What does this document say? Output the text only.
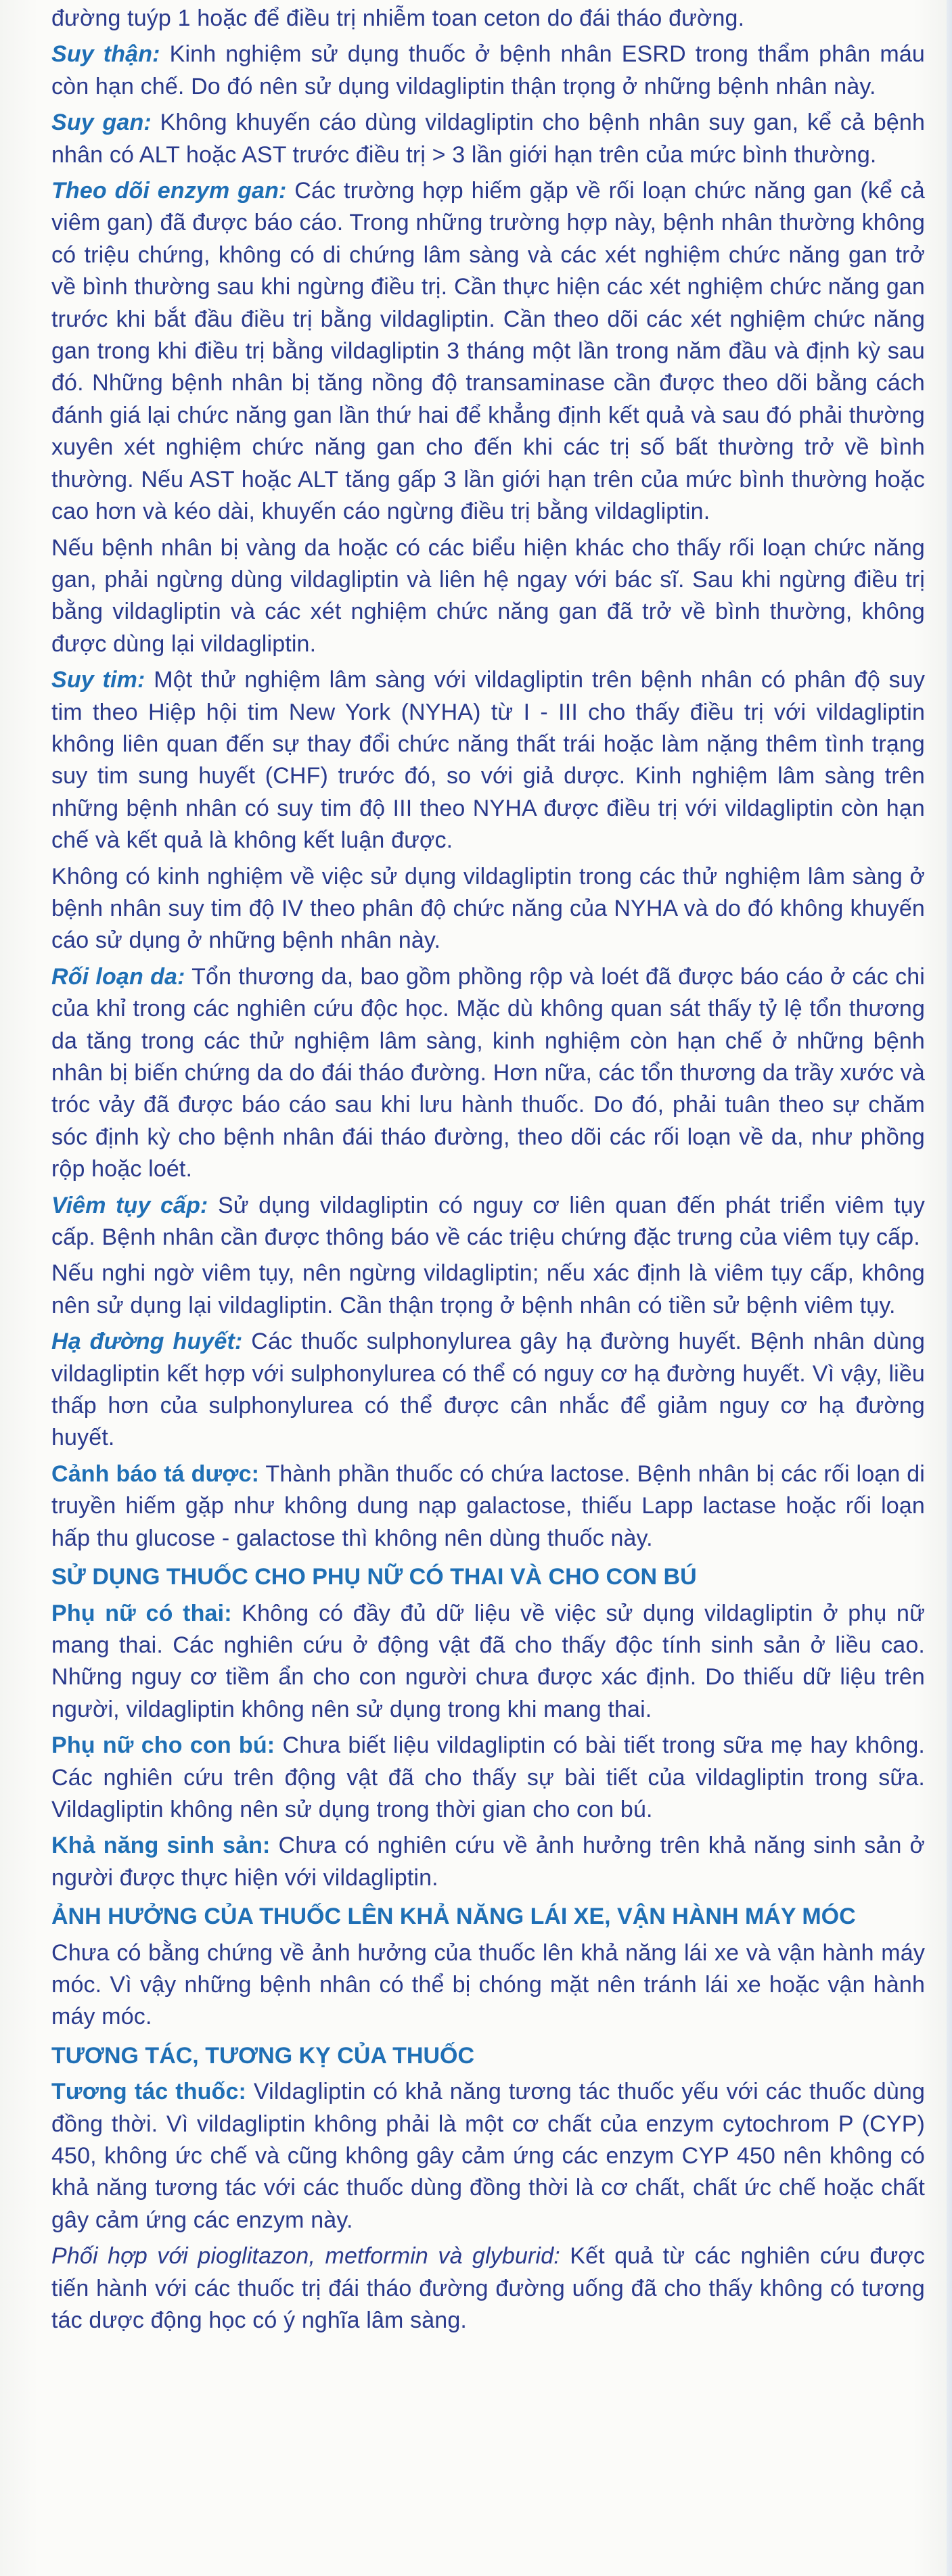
đường tuýp 1 hoặc để điều trị nhiễm toan ceton do đái tháo đường.

Suy thận: Kinh nghiệm sử dụng thuốc ở bệnh nhân ESRD trong thẩm phân máu còn hạn chế. Do đó nên sử dụng vildagliptin thận trọng ở những bệnh nhân này.

Suy gan: Không khuyến cáo dùng vildagliptin cho bệnh nhân suy gan, kể cả bệnh nhân có ALT hoặc AST trước điều trị > 3 lần giới hạn trên của mức bình thường.

Theo dõi enzym gan: Các trường hợp hiếm gặp về rối loạn chức năng gan (kể cả viêm gan) đã được báo cáo. Trong những trường hợp này, bệnh nhân thường không có triệu chứng, không có di chứng lâm sàng và các xét nghiệm chức năng gan trở về bình thường sau khi ngừng điều trị. Cần thực hiện các xét nghiệm chức năng gan trước khi bắt đầu điều trị bằng vildagliptin. Cần theo dõi các xét nghiệm chức năng gan trong khi điều trị bằng vildagliptin 3 tháng một lần trong năm đầu và định kỳ sau đó. Những bệnh nhân bị tăng nồng độ transaminase cần được theo dõi bằng cách đánh giá lại chức năng gan lần thứ hai để khẳng định kết quả và sau đó phải thường xuyên xét nghiệm chức năng gan cho đến khi các trị số bất thường trở về bình thường. Nếu AST hoặc ALT tăng gấp 3 lần giới hạn trên của mức bình thường hoặc cao hơn và kéo dài, khuyến cáo ngừng điều trị bằng vildagliptin.

Nếu bệnh nhân bị vàng da hoặc có các biểu hiện khác cho thấy rối loạn chức năng gan, phải ngừng dùng vildagliptin và liên hệ ngay với bác sĩ. Sau khi ngừng điều trị bằng vildagliptin và các xét nghiệm chức năng gan đã trở về bình thường, không được dùng lại vildagliptin.

Suy tim: Một thử nghiệm lâm sàng với vildagliptin trên bệnh nhân có phân độ suy tim theo Hiệp hội tim New York (NYHA) từ I - III cho thấy điều trị với vildagliptin không liên quan đến sự thay đổi chức năng thất trái hoặc làm nặng thêm tình trạng suy tim sung huyết (CHF) trước đó, so với giả dược. Kinh nghiệm lâm sàng trên những bệnh nhân có suy tim độ III theo NYHA được điều trị với vildagliptin còn hạn chế và kết quả là không kết luận được.

Không có kinh nghiệm về việc sử dụng vildagliptin trong các thử nghiệm lâm sàng ở bệnh nhân suy tim độ IV theo phân độ chức năng của NYHA và do đó không khuyến cáo sử dụng ở những bệnh nhân này.

Rối loạn da: Tổn thương da, bao gồm phồng rộp và loét đã được báo cáo ở các chi của khỉ trong các nghiên cứu độc học. Mặc dù không quan sát thấy tỷ lệ tổn thương da tăng trong các thử nghiệm lâm sàng, kinh nghiệm còn hạn chế ở những bệnh nhân bị biến chứng da do đái tháo đường. Hơn nữa, các tổn thương da trầy xước và tróc vảy đã được báo cáo sau khi lưu hành thuốc. Do đó, phải tuân theo sự chăm sóc định kỳ cho bệnh nhân đái tháo đường, theo dõi các rối loạn về da, như phồng rộp hoặc loét.

Viêm tụy cấp: Sử dụng vildagliptin có nguy cơ liên quan đến phát triển viêm tụy cấp. Bệnh nhân cần được thông báo về các triệu chứng đặc trưng của viêm tụy cấp.

Nếu nghi ngờ viêm tụy, nên ngừng vildagliptin; nếu xác định là viêm tụy cấp, không nên sử dụng lại vildagliptin. Cần thận trọng ở bệnh nhân có tiền sử bệnh viêm tụy.

Hạ đường huyết: Các thuốc sulphonylurea gây hạ đường huyết. Bệnh nhân dùng vildagliptin kết hợp với sulphonylurea có thể có nguy cơ hạ đường huyết. Vì vậy, liều thấp hơn của sulphonylurea có thể được cân nhắc để giảm nguy cơ hạ đường huyết.

Cảnh báo tá dược: Thành phần thuốc có chứa lactose. Bệnh nhân bị các rối loạn di truyền hiếm gặp như không dung nạp galactose, thiếu Lapp lactase hoặc rối loạn hấp thu glucose - galactose thì không nên dùng thuốc này.

SỬ DỤNG THUỐC CHO PHỤ NỮ CÓ THAI VÀ CHO CON BÚ

Phụ nữ có thai: Không có đầy đủ dữ liệu về việc sử dụng vildagliptin ở phụ nữ mang thai. Các nghiên cứu ở động vật đã cho thấy độc tính sinh sản ở liều cao. Những nguy cơ tiềm ẩn cho con người chưa được xác định. Do thiếu dữ liệu trên người, vildagliptin không nên sử dụng trong khi mang thai.

Phụ nữ cho con bú: Chưa biết liệu vildagliptin có bài tiết trong sữa mẹ hay không. Các nghiên cứu trên động vật đã cho thấy sự bài tiết của vildagliptin trong sữa. Vildagliptin không nên sử dụng trong thời gian cho con bú.

Khả năng sinh sản: Chưa có nghiên cứu về ảnh hưởng trên khả năng sinh sản ở người được thực hiện với vildagliptin.

ẢNH HƯỞNG CỦA THUỐC LÊN KHẢ NĂNG LÁI XE, VẬN HÀNH MÁY MÓC

Chưa có bằng chứng về ảnh hưởng của thuốc lên khả năng lái xe và vận hành máy móc. Vì vậy những bệnh nhân có thể bị chóng mặt nên tránh lái xe hoặc vận hành máy móc.

TƯƠNG TÁC, TƯƠNG KỴ CỦA THUỐC

Tương tác thuốc: Vildagliptin có khả năng tương tác thuốc yếu với các thuốc dùng đồng thời. Vì vildagliptin không phải là một cơ chất của enzym cytochrom P (CYP) 450, không ức chế và cũng không gây cảm ứng các enzym CYP 450 nên không có khả năng tương tác với các thuốc dùng đồng thời là cơ chất, chất ức chế hoặc chất gây cảm ứng các enzym này.

Phối hợp với pioglitazon, metformin và glyburid: Kết quả từ các nghiên cứu được tiến hành với các thuốc trị đái tháo đường đường uống đã cho thấy không có tương tác dược động học có ý nghĩa lâm sàng.
